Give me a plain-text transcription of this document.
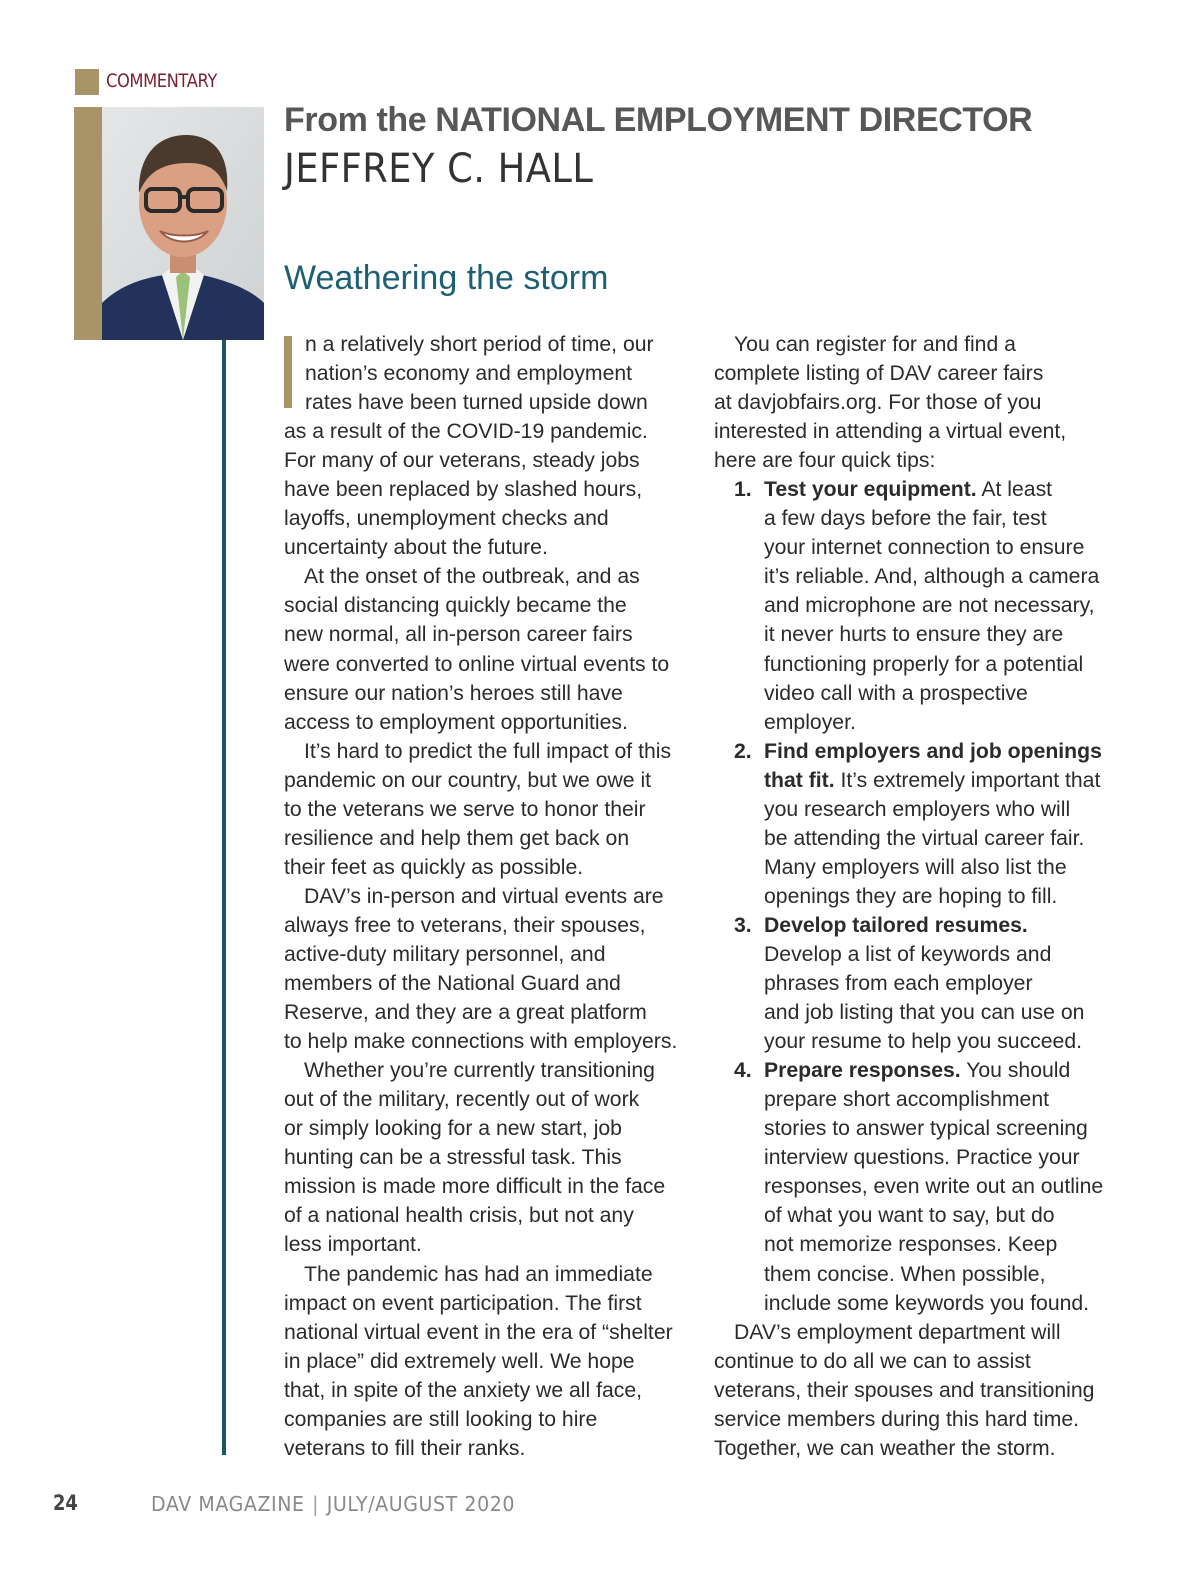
COMMENTARY
From the NATIONAL EMPLOYMENT DIRECTOR
JEFFREY C. HALL
Weathering the storm

n a relatively short period of time, our
nation’s economy and employment
rates have been turned upside down
as a result of the COVID-19 pandemic.
For many of our veterans, steady jobs
have been replaced by slashed hours,
layoffs, unemployment checks and
uncertainty about the future.

At the onset of the outbreak, and as
social distancing quickly became the
new normal, all in-person career fairs
were converted to online virtual events to
ensure our nation’s heroes still have
access to employment opportunities.

It’s hard to predict the full impact of this
pandemic on our country, but we owe it
to the veterans we serve to honor their
resilience and help them get back on
their feet as quickly as possible.

DAV’s in-person and virtual events are
always free to veterans, their spouses,
active-duty military personnel, and
members of the National Guard and
Reserve, and they are a great platform
to help make connections with employers.

Whether you’re currently transitioning
out of the military, recently out of work
or simply looking for a new start, job
hunting can be a stressful task. This
mission is made more difficult in the face
of a national health crisis, but not any
less important.

The pandemic has had an immediate
impact on event participation. The first
national virtual event in the era of “shelter
in place” did extremely well. We hope
that, in spite of the anxiety we all face,
companies are still looking to hire
veterans to fill their ranks.

You can register for and find a
complete listing of DAV career fairs
at davjobfairs.org. For those of you
interested in attending a virtual event,
here are four quick tips:

1. Test your equipment. At least
a few days before the fair, test
your internet connection to ensure
it’s reliable. And, although a camera
and microphone are not necessary,
it never hurts to ensure they are
functioning properly for a potential
video call with a prospective
employer.
2. Find employers and job openings
that fit. It’s extremely important that
you research employers who will
be attending the virtual career fair.
Many employers will also list the
openings they are hoping to fill.
3. Develop tailored resumes.
Develop a list of keywords and
phrases from each employer
and job listing that you can use on
your resume to help you succeed.
4. Prepare responses. You should
prepare short accomplishment
stories to answer typical screening
interview questions. Practice your
responses, even write out an outline
of what you want to say, but do
not memorize responses. Keep
them concise. When possible,
include some keywords you found.

DAV’s employment department will
continue to do all we can to assist
veterans, their spouses and transitioning
service members during this hard time.
Together, we can weather the storm.

24	DAV MAGAZINE | JULY/AUGUST 2020
